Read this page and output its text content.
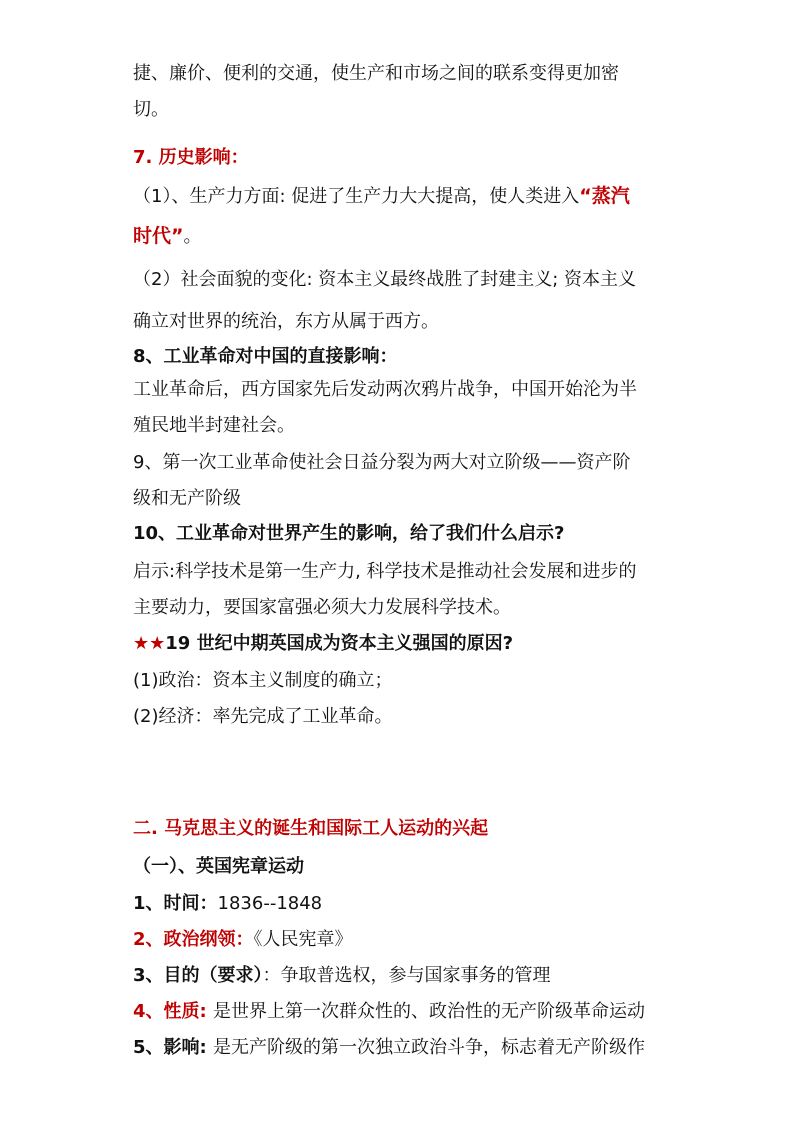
捷、廉价、便利的交通，使生产和市场之间的联系变得更加密
切。
7. 历史影响：
（1）、生产力方面: 促进了生产力大大提高，使人类进入“蒸汽
时代”。
（2）社会面貌的变化: 资本主义最终战胜了封建主义; 资本主义
确立对世界的统治，东方从属于西方。
8、工业革命对中国的直接影响：
工业革命后，西方国家先后发动两次鸦片战争，中国开始沦为半
殖民地半封建社会。
9、第一次工业革命使社会日益分裂为两大对立阶级——资产阶
级和无产阶级
10、工业革命对世界产生的影响，给了我们什么启示?
启示:科学技术是第一生产力, 科学技术是推动社会发展和进步的
主要动力，要国家富强必须大力发展科学技术。
★★19 世纪中期英国成为资本主义强国的原因?
(1)政治：资本主义制度的确立；
(2)经济：率先完成了工业革命。
二. 马克思主义的诞生和国际工人运动的兴起
（一）、英国宪章运动
1、时间：1836--1848
2、政治纲领：《人民宪章》
3、目的（要求）：争取普选权，参与国家事务的管理
4、性质: 是世界上第一次群众性的、政治性的无产阶级革命运动
5、影响: 是无产阶级的第一次独立政治斗争，标志着无产阶级作
